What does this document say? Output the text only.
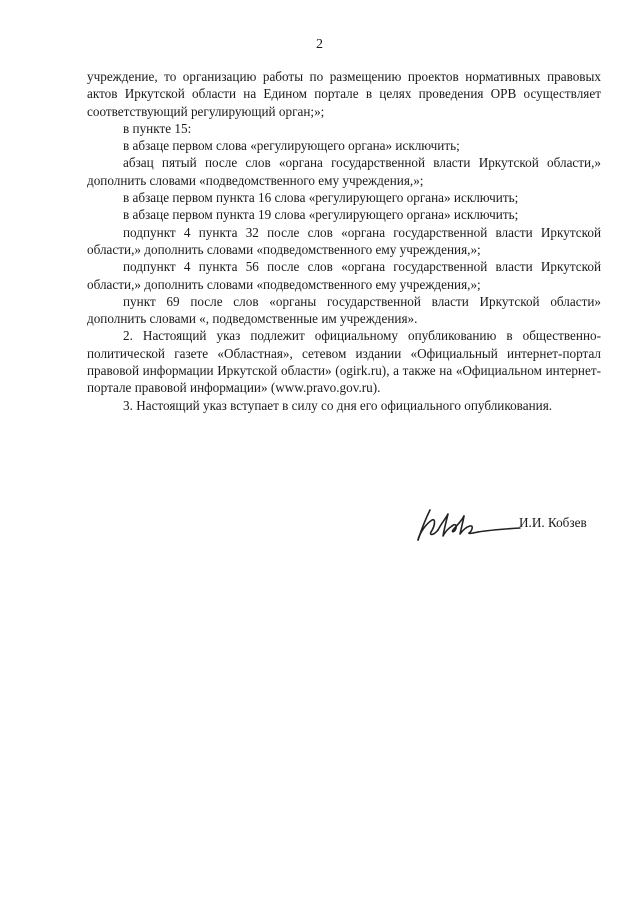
2

учреждение, то организацию работы по размещению проектов нормативных правовых актов Иркутской области на Едином портале в целях проведения ОРВ осуществляет соответствующий регулирующий орган;»;

в пункте 15:

в абзаце первом слова «регулирующего органа» исключить;

абзац пятый после слов «органа государственной власти Иркутской области,» дополнить словами «подведомственного ему учреждения,»;

в абзаце первом пункта 16 слова «регулирующего органа» исключить;

в абзаце первом пункта 19 слова «регулирующего органа» исключить;

подпункт 4 пункта 32 после слов «органа государственной власти Иркутской области,» дополнить словами «подведомственного ему учреждения,»;

подпункт 4 пункта 56 после слов «органа государственной власти Иркутской области,» дополнить словами «подведомственного ему учреждения,»;

пункт 69 после слов «органы государственной власти Иркутской области» дополнить словами «, подведомственные им учреждения».

2. Настоящий указ подлежит официальному опубликованию в общественно-политической газете «Областная», сетевом издании «Официальный интернет-портал правовой информации Иркутской области» (ogirk.ru), а также на «Официальном интернет-портале правовой информации» (www.pravo.gov.ru).

3. Настоящий указ вступает в силу со дня его официального опубликования.

И.И. Кобзев
